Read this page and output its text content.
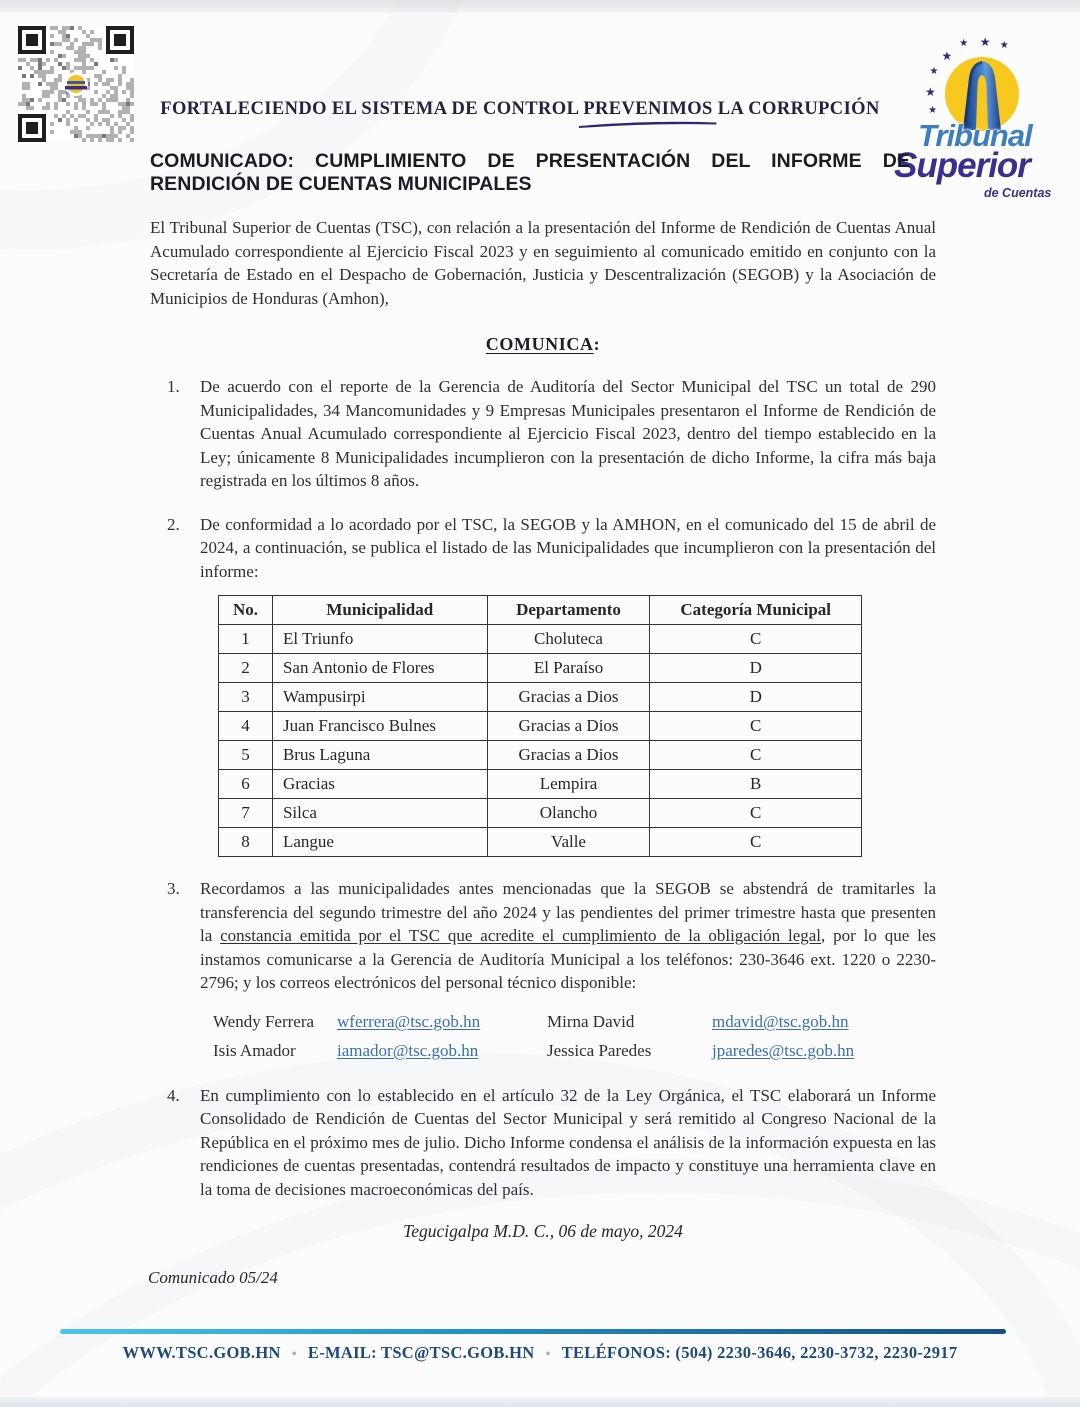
FORTALECIENDO EL SISTEMA DE CONTROL PREVENIMOS
LA CORRUPCIÓN	★
★
★
★
★ ★ ★
Tribunal
Superior
de Cuentas
COMUNICADO: CUMPLIMIENTO DE PRESENTACIÓN DEL INFORME DE
RENDICIÓN DE CUENTAS MUNICIPALES

El Tribunal Superior de Cuentas (TSC), con relación a la presentación del Informe de Rendición de Cuentas Anual Acumulado correspondiente al Ejercicio Fiscal 2023 y en seguimiento al comunicado emitido en conjunto con la Secretaría de Estado en el Despacho de Gobernación, Justicia y Descentralización (SEGOB) y la Asociación de Municipios de Honduras (Amhon),

COMUNICA:
1.	De acuerdo con el reporte de la Gerencia de Auditoría del Sector Municipal del TSC un total de 290 Municipalidades, 34 Mancomunidades y 9 Empresas Municipales presentaron el Informe de Rendición de Cuentas Anual Acumulado correspondiente al Ejercicio Fiscal 2023, dentro del tiempo establecido en la Ley; únicamente 8 Municipalidades incumplieron con la presentación de dicho Informe, la cifra más baja registrada en los últimos 8 años.
2.	De conformidad a lo acordado por el TSC, la SEGOB y la AMHON, en el comunicado del 15 de abril de 2024, a continuación, se publica el listado de las Municipalidades que incumplieron con la presentación del informe:
No.	Municipalidad	Departamento	Categoría Municipal
1	El Triunfo	Choluteca	C
2	San Antonio de Flores	El Paraíso	D
3	Wampusirpi	Gracias a Dios	D
4	Juan Francisco Bulnes	Gracias a Dios	C
5	Brus Laguna	Gracias a Dios	C
6	Gracias	Lempira	B
7	Silca	Olancho	C
8	Langue	Valle	C
3.	Recordamos a las municipalidades antes mencionadas que la SEGOB se abstendrá de tramitarles la transferencia del segundo trimestre del año 2024 y las pendientes del primer trimestre hasta que presenten la constancia emitida por el TSC que acredite el cumplimiento de la obligación legal, por lo que les instamos comunicarse a la Gerencia de Auditoría Municipal a los teléfonos: 230-3646 ext. 1220 o 2230-2796; y los correos electrónicos del personal técnico disponible:
Wendy Ferrera	wferrera@tsc.gob.hn	Mirna David	mdavid@tsc.gob.hn
Isis Amador	iamador@tsc.gob.hn	Jessica Paredes	jparedes@tsc.gob.hn
4.	En cumplimiento con lo establecido en el artículo 32 de la Ley Orgánica, el TSC elaborará un Informe Consolidado de Rendición de Cuentas del Sector Municipal y será remitido al Congreso Nacional de la República en el próximo mes de julio. Dicho Informe condensa el análisis de la información expuesta en las rendiciones de cuentas presentadas, contendrá resultados de impacto y constituye una herramienta clave en la toma de decisiones macroeconómicas del país.
Tegucigalpa M.D. C., 06 de mayo, 2024
Comunicado 05/24
WWW.TSC.GOB.HN • E-MAIL: TSC@TSC.GOB.HN • TELÉFONOS: (504) 2230-3646, 2230-3732, 2230-2917
